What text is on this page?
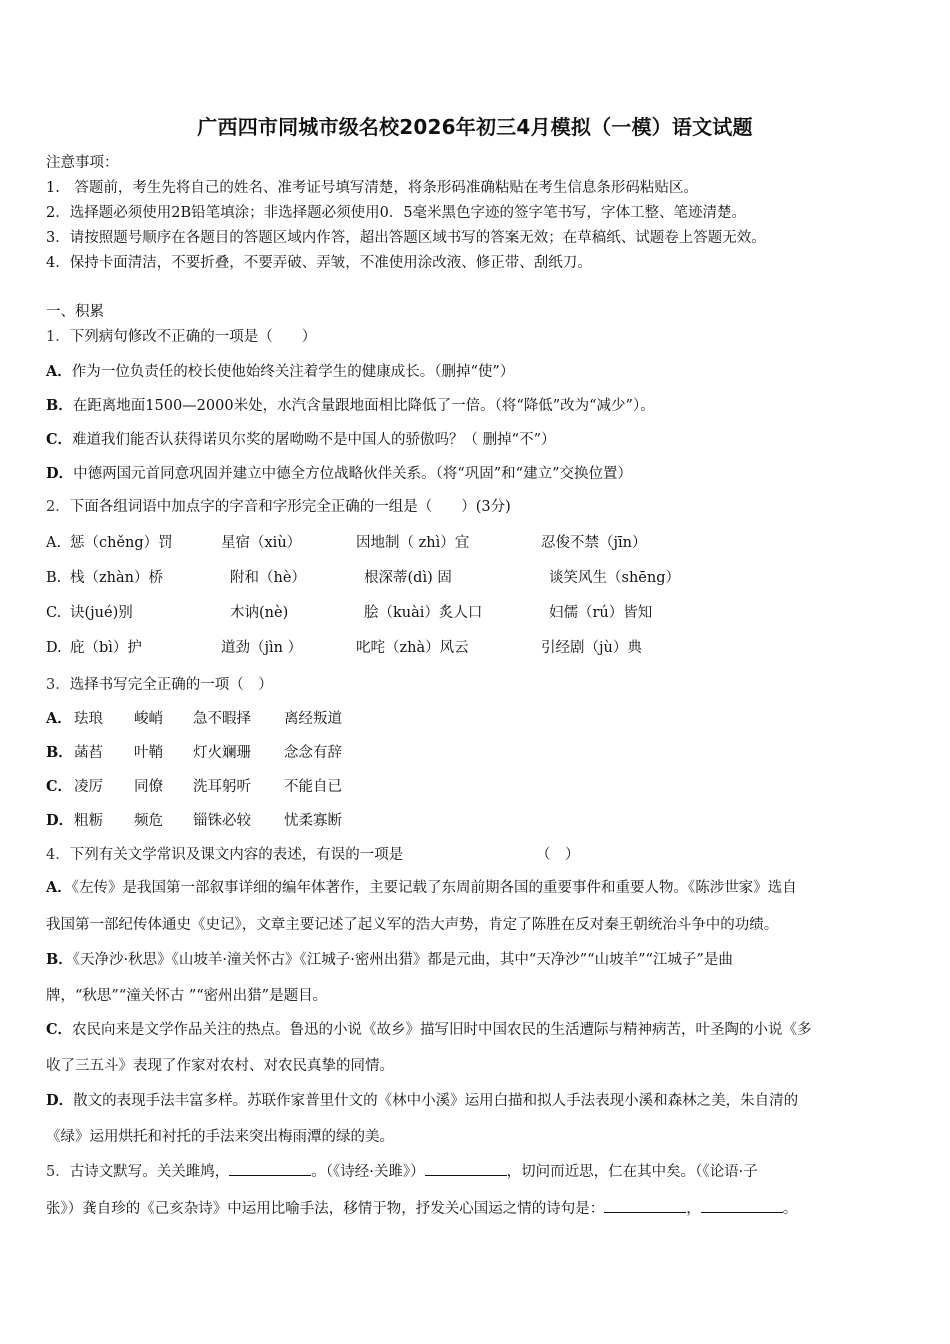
广西四市同城市级名校2026年初三4月模拟（一模）语文试题
注意事项：
1.　答题前，考生先将自己的姓名、准考证号填写清楚，将条形码准确粘贴在考生信息条形码粘贴区。
2．选择题必须使用2B铅笔填涂；非选择题必须使用0．5毫米黑色字迹的签字笔书写，字体工整、笔迹清楚。
3．请按照题号顺序在各题目的答题区域内作答，超出答题区域书写的答案无效；在草稿纸、试题卷上答题无效。
4．保持卡面清洁，不要折叠，不要弄破、弄皱，不准使用涂改液、修正带、刮纸刀。
一、积累
1．下列病句修改不正确的一项是（　　）
A．作为一位负责任的校长使他始终关注着学生的健康成长。（删掉“使”）
B．在距离地面1500—2000米处，水汽含量跟地面相比降低了一倍。（将“降低”改为“减少”）。
C．难道我们能否认获得诺贝尔奖的屠呦呦不是中国人的骄傲吗？（ 删掉“不”）
D．中德两国元首同意巩固并建立中德全方位战略伙伴关系。（将“巩固”和“建立”交换位置）
2．下面各组词语中加点字的字音和字形完全正确的一组是（　　）(3分)
A. 惩（chěng）罚	星宿（xiù）	因地制（ zhì）宜	忍俊不禁（jīn）
B. 栈（zhàn）桥	附和（hè）	根深蒂(dì) 固	谈笑风生（shēng）
C. 诀(jué)别	木讷(nè)	脍（kuài）炙人口	妇儒（rú）皆知
D. 庇（bì）护	道劲（jìn ）	叱咤（zhà）风云	引经剧（jù）典
3．选择书写完全正确的一项（　）
A． 珐琅 峻峭 急不暇择 离经叛道
B． 菡萏 叶鞘 灯火斓珊 念念有辞
C． 凌厉 同僚 洗耳躬听 不能自已
D． 粗粝 频危 锱铢必较 忧柔寡断
4．下列有关文学常识及课文内容的表述，有误的一项是	（　）
A．《左传》是我国第一部叙事详细的编年体著作，主要记载了东周前期各国的重要事件和重要人物。《陈涉世家》选自
我国第一部纪传体通史《史记》，文章主要记述了起义军的浩大声势，肯定了陈胜在反对秦王朝统治斗争中的功绩。
B．《天净沙·秋思》《山坡羊·潼关怀古》《江城子·密州出猎》都是元曲，其中“天净沙”“山坡羊”“江城子”是曲
牌，“秋思”“潼关怀古 ”“密州出猎”是题目。
C．农民向来是文学作品关注的热点。鲁迅的小说《故乡》描写旧时中国农民的生活遭际与精神病苦，叶圣陶的小说《多
收了三五斗》表现了作家对农村、对农民真挚的同情。
D．散文的表现手法丰富多样。苏联作家普里什文的《林中小溪》运用白描和拟人手法表现小溪和森林之美，朱自清的
《绿》运用烘托和衬托的手法来突出梅雨潭的绿的美。
5．古诗文默写。关关雎鸠，	。（《诗经·关雎》）	，切问而近思，仁在其中矣。（《论语·子
张》）龚自珍的《己亥杂诗》中运用比喻手法，移情于物，抒发关心国运之情的诗句是：	，	。
